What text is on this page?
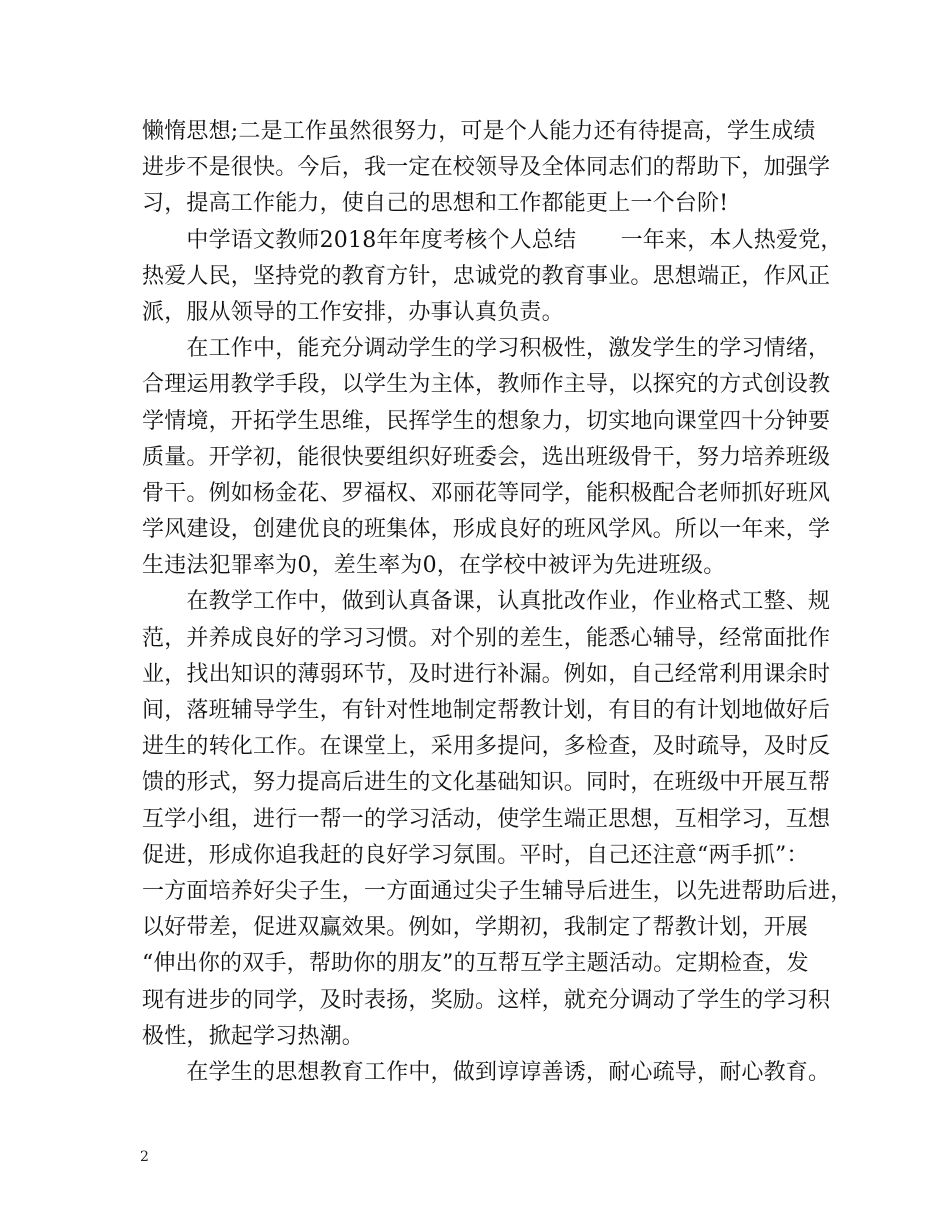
懒惰思想;二是工作虽然很努力，可是个人能力还有待提高，学生成绩
进步不是很快。今后，我一定在校领导及全体同志们的帮助下，加强学
习，提高工作能力，使自己的思想和工作都能更上一个台阶!
　　中学语文教师2018年年度考核个人总结　　一年来，本人热爱党，
热爱人民，坚持党的教育方针，忠诚党的教育事业。思想端正，作风正
派，服从领导的工作安排，办事认真负责。
　　在工作中，能充分调动学生的学习积极性，激发学生的学习情绪，
合理运用教学手段，以学生为主体，教师作主导，以探究的方式创设教
学情境，开拓学生思维，民挥学生的想象力，切实地向课堂四十分钟要
质量。开学初，能很快要组织好班委会，选出班级骨干，努力培养班级
骨干。例如杨金花、罗福权、邓丽花等同学，能积极配合老师抓好班风
学风建设，创建优良的班集体，形成良好的班风学风。所以一年来，学
生违法犯罪率为0，差生率为0，在学校中被评为先进班级。
　　在教学工作中，做到认真备课，认真批改作业，作业格式工整、规
范，并养成良好的学习习惯。对个别的差生，能悉心辅导，经常面批作
业，找出知识的薄弱环节，及时进行补漏。例如，自己经常利用课余时
间，落班辅导学生，有针对性地制定帮教计划，有目的有计划地做好后
进生的转化工作。在课堂上，采用多提问，多检查，及时疏导，及时反
馈的形式，努力提高后进生的文化基础知识。同时，在班级中开展互帮
互学小组，进行一帮一的学习活动，使学生端正思想，互相学习，互想
促进，形成你追我赶的良好学习氛围。平时，自己还注意“两手抓”：
一方面培养好尖子生，一方面通过尖子生辅导后进生，以先进帮助后进，
以好带差，促进双赢效果。例如，学期初，我制定了帮教计划，开展
“伸出你的双手，帮助你的朋友”的互帮互学主题活动。定期检查，发
现有进步的同学，及时表扬，奖励。这样，就充分调动了学生的学习积
极性，掀起学习热潮。
　　在学生的思想教育工作中，做到谆谆善诱，耐心疏导，耐心教育。
2
